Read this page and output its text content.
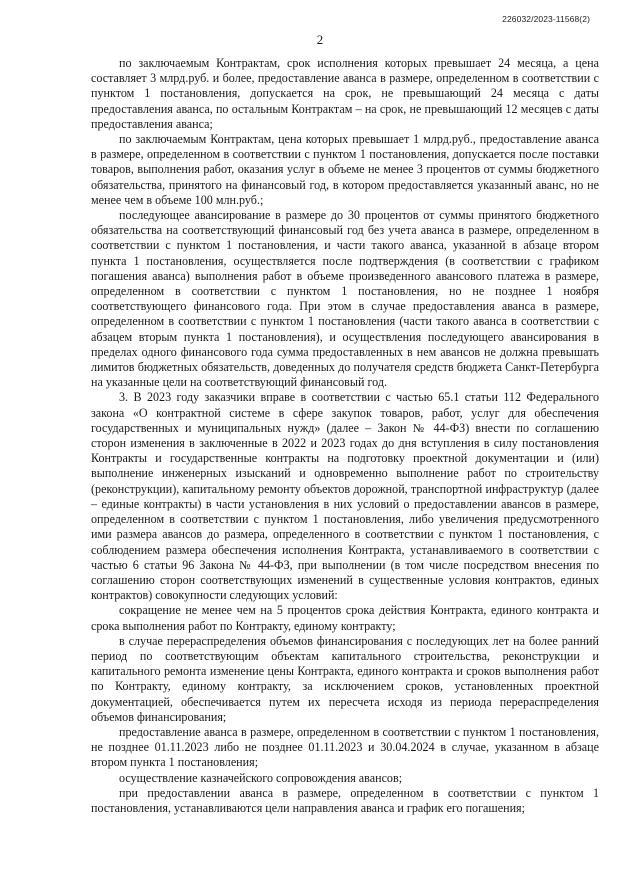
226032/2023-11568(2)
2

по заключаемым Контрактам, срок исполнения которых превышает 24 месяца, а цена составляет 3 млрд.руб. и более, предоставление аванса в размере, определенном в соответствии с пунктом 1 постановления, допускается на срок, не превышающий 24 месяца с даты предоставления аванса, по остальным Контрактам – на срок, не превышающий 12 месяцев с даты предоставления аванса;

по заключаемым Контрактам, цена которых превышает 1 млрд.руб., предоставление аванса в размере, определенном в соответствии с пунктом 1 постановления, допускается после поставки товаров, выполнения работ, оказания услуг в объеме не менее 3 процентов от суммы бюджетного обязательства, принятого на финансовый год, в котором предоставляется указанный аванс, но не менее чем в объеме 100 млн.руб.;

последующее авансирование в размере до 30 процентов от суммы принятого бюджетного обязательства на соответствующий финансовый год без учета аванса в размере, определенном в соответствии с пунктом 1 постановления, и части такого аванса, указанной в абзаце втором пункта 1 постановления, осуществляется после подтверждения (в соответствии с графиком погашения аванса) выполнения работ в объеме произведенного авансового платежа в размере, определенном в соответствии с пунктом 1 постановления, но не позднее 1 ноября соответствующего финансового года. При этом в случае предоставления аванса в размере, определенном в соответствии с пунктом 1 постановления (части такого аванса в соответствии с абзацем вторым пункта 1 постановления), и осуществления последующего авансирования в пределах одного финансового года сумма предоставленных в нем авансов не должна превышать лимитов бюджетных обязательств, доведенных до получателя средств бюджета Санкт-Петербурга на указанные цели на соответствующий финансовый год.

3. В 2023 году заказчики вправе в соответствии с частью 65.1 статьи 112 Федерального закона «О контрактной системе в сфере закупок товаров, работ, услуг для обеспечения государственных и муниципальных нужд» (далее – Закон № 44-ФЗ) внести по соглашению сторон изменения в заключенные в 2022 и 2023 годах до дня вступления в силу постановления Контракты и государственные контракты на подготовку проектной документации и (или) выполнение инженерных изысканий и одновременно выполнение работ по строительству (реконструкции), капитальному ремонту объектов дорожной, транспортной инфраструктур (далее – единые контракты) в части установления в них условий о предоставлении авансов в размере, определенном в соответствии с пунктом 1 постановления, либо увеличения предусмотренного ими размера авансов до размера, определенного в соответствии с пунктом 1 постановления, с соблюдением размера обеспечения исполнения Контракта, устанавливаемого в соответствии с частью 6 статьи 96 Закона № 44-ФЗ, при выполнении (в том числе посредством внесения по соглашению сторон соответствующих изменений в существенные условия контрактов, единых контрактов) совокупности следующих условий:

сокращение не менее чем на 5 процентов срока действия Контракта, единого контракта и срока выполнения работ по Контракту, единому контракту;

в случае перераспределения объемов финансирования с последующих лет на более ранний период по соответствующим объектам капитального строительства, реконструкции и капитального ремонта изменение цены Контракта, единого контракта и сроков выполнения работ по Контракту, единому контракту, за исключением сроков, установленных проектной документацией, обеспечивается путем их пересчета исходя из периода перераспределения объемов финансирования;

предоставление аванса в размере, определенном в соответствии с пунктом 1 постановления, не позднее 01.11.2023 либо не позднее 01.11.2023 и 30.04.2024 в случае, указанном в абзаце втором пункта 1 постановления;

осуществление казначейского сопровождения авансов;

при предоставлении аванса в размере, определенном в соответствии с пунктом 1 постановления, устанавливаются цели направления аванса и график его погашения;
